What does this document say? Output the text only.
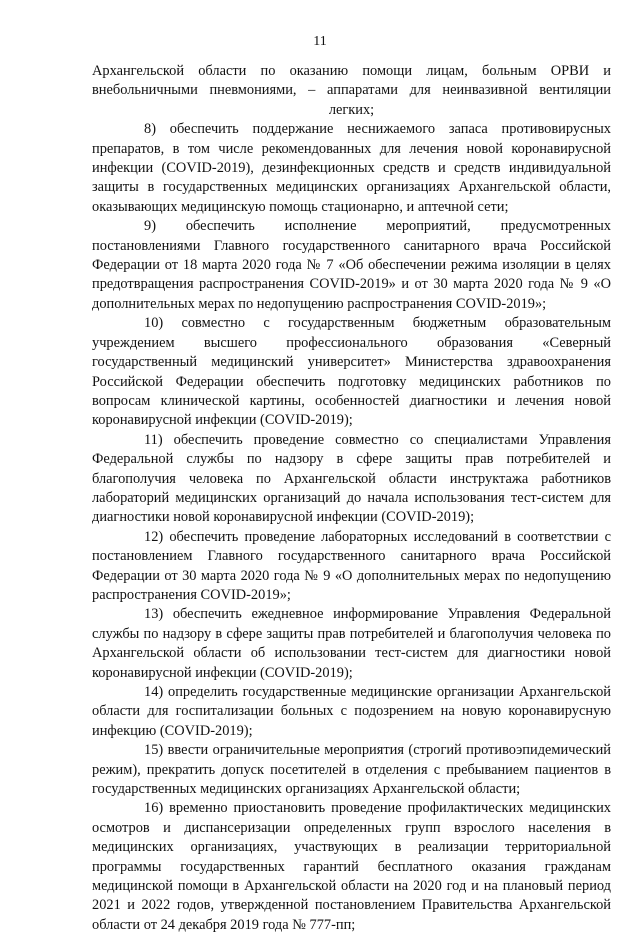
11

Архангельской области по оказанию помощи лицам, больным ОРВИ и внебольничными пневмониями, – аппаратами для неинвазивной вентиляции легких;

8) обеспечить поддержание неснижаемого запаса противовирусных препаратов, в том числе рекомендованных для лечения новой коронавирусной инфекции (COVID-2019), дезинфекционных средств и средств индивидуальной защиты в государственных медицинских организациях Архангельской области, оказывающих медицинскую помощь стационарно, и аптечной сети;

9) обеспечить исполнение мероприятий, предусмотренных постановлениями Главного государственного санитарного врача Российской Федерации от 18 марта 2020 года № 7 «Об обеспечении режима изоляции в целях предотвращения распространения COVID-2019» и от 30 марта 2020 года № 9 «О дополнительных мерах по недопущению распространения COVID-2019»;

10) совместно с государственным бюджетным образовательным учреждением высшего профессионального образования «Северный государственный медицинский университет» Министерства здравоохранения Российской Федерации обеспечить подготовку медицинских работников по вопросам клинической картины, особенностей диагностики и лечения новой коронавирусной инфекции (COVID-2019);

11) обеспечить проведение совместно со специалистами Управления Федеральной службы по надзору в сфере защиты прав потребителей и благополучия человека по Архангельской области инструктажа работников лабораторий медицинских организаций до начала использования тест-систем для диагностики новой коронавирусной инфекции (COVID-2019);

12) обеспечить проведение лабораторных исследований в соответствии с постановлением Главного государственного санитарного врача Российской Федерации от 30 марта 2020 года № 9 «О дополнительных мерах по недопущению распространения COVID-2019»;

13) обеспечить ежедневное информирование Управления Федеральной службы по надзору в сфере защиты прав потребителей и благополучия человека по Архангельской области об использовании тест-систем для диагностики новой коронавирусной инфекции (COVID-2019);

14) определить государственные медицинские организации Архангельской области для госпитализации больных с подозрением на новую коронавирусную инфекцию (COVID-2019);

15) ввести ограничительные мероприятия (строгий противоэпидемический режим), прекратить допуск посетителей в отделения с пребыванием пациентов в государственных медицинских организациях Архангельской области;

16) временно приостановить проведение профилактических медицинских осмотров и диспансеризации определенных групп взрослого населения в медицинских организациях, участвующих в реализации территориальной программы государственных гарантий бесплатного оказания гражданам медицинской помощи в Архангельской области на 2020 год и на плановый период 2021 и 2022 годов, утвержденной постановлением Правительства Архангельской области от 24 декабря 2019 года № 777-пп;
